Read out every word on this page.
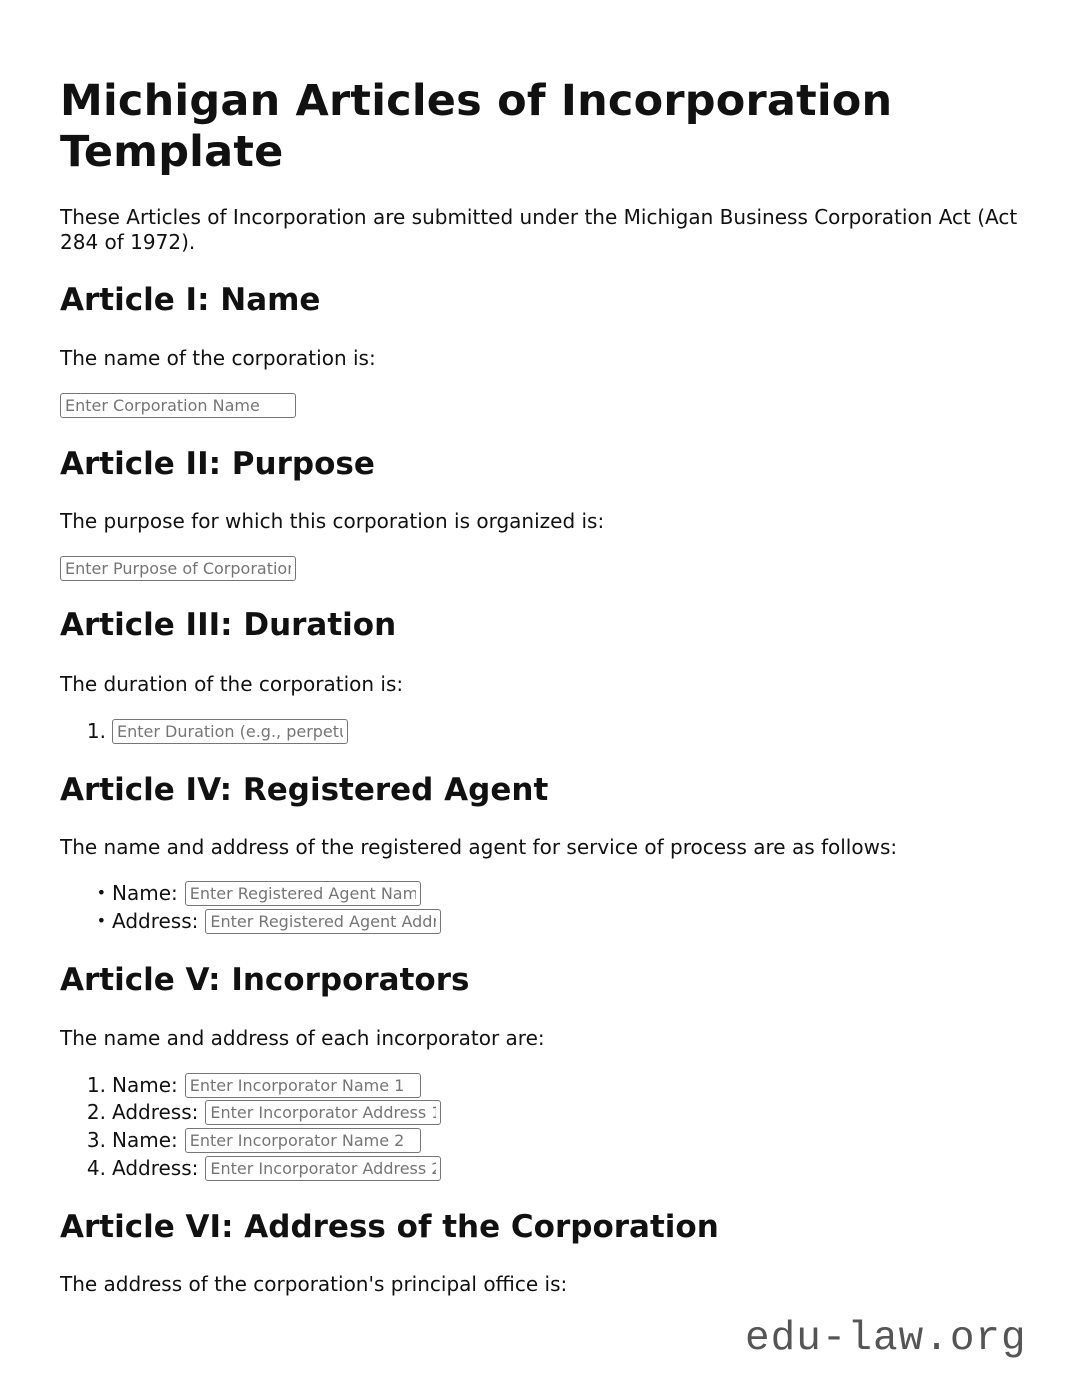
Michigan Articles of Incorporation Template

These Articles of Incorporation are submitted under the Michigan Business Corporation Act (Act 284 of 1972).

Article I: Name

The name of the corporation is:

Enter Corporation Name
Article II: Purpose

The purpose for which this corporation is organized is:

Enter Purpose of Corporation
Article III: Duration

The duration of the corporation is:

1.
Enter Duration (e.g., perpetual)
Article IV: Registered Agent

The name and address of the registered agent for service of process are as follows:

• Name:
Enter Registered Agent Name
• Address:
Enter Registered Agent Address
Article V: Incorporators

The name and address of each incorporator are:

1. Name:
Enter Incorporator Name 1
2. Address:
Enter Incorporator Address 1
3. Name:
Enter Incorporator Name 2
4. Address:
Enter Incorporator Address 2
Article VI: Address of the Corporation

The address of the corporation's principal office is:

edu-law.org
